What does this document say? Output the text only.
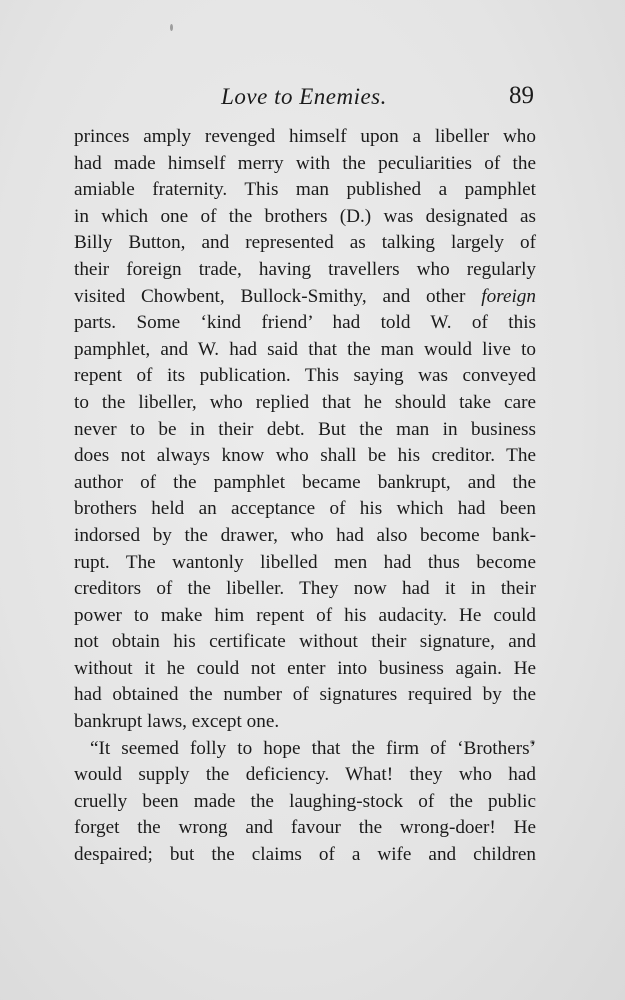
Love to Enemies.	89
princes amply revenged himself upon a libeller who
had made himself merry with the peculiarities of the
amiable fraternity. This man published a pamphlet
in which one of the brothers (D.) was designated as
Billy Button, and represented as talking largely of
their foreign trade, having travellers who regularly
visited Chowbent, Bullock-Smithy, and other foreign
parts. Some ‘kind friend’ had told W. of this
pamphlet, and W. had said that the man would live to
repent of its publication. This saying was conveyed
to the libeller, who replied that he should take care
never to be in their debt. But the man in business
does not always know who shall be his creditor. The
author of the pamphlet became bankrupt, and the
brothers held an acceptance of his which had been
indorsed by the drawer, who had also become bank-
rupt. The wantonly libelled men had thus become
creditors of the libeller. They now had it in their
power to make him repent of his audacity. He could
not obtain his certificate without their signature, and
without it he could not enter into business again. He
had obtained the number of signatures required by the
bankrupt laws, except one.
“It seemed folly to hope that the firm of ‘Brothers’
would supply the deficiency. What! they who had
cruelly been made the laughing-stock of the public
forget the wrong and favour the wrong-doer! He
despaired; but the claims of a wife and children
